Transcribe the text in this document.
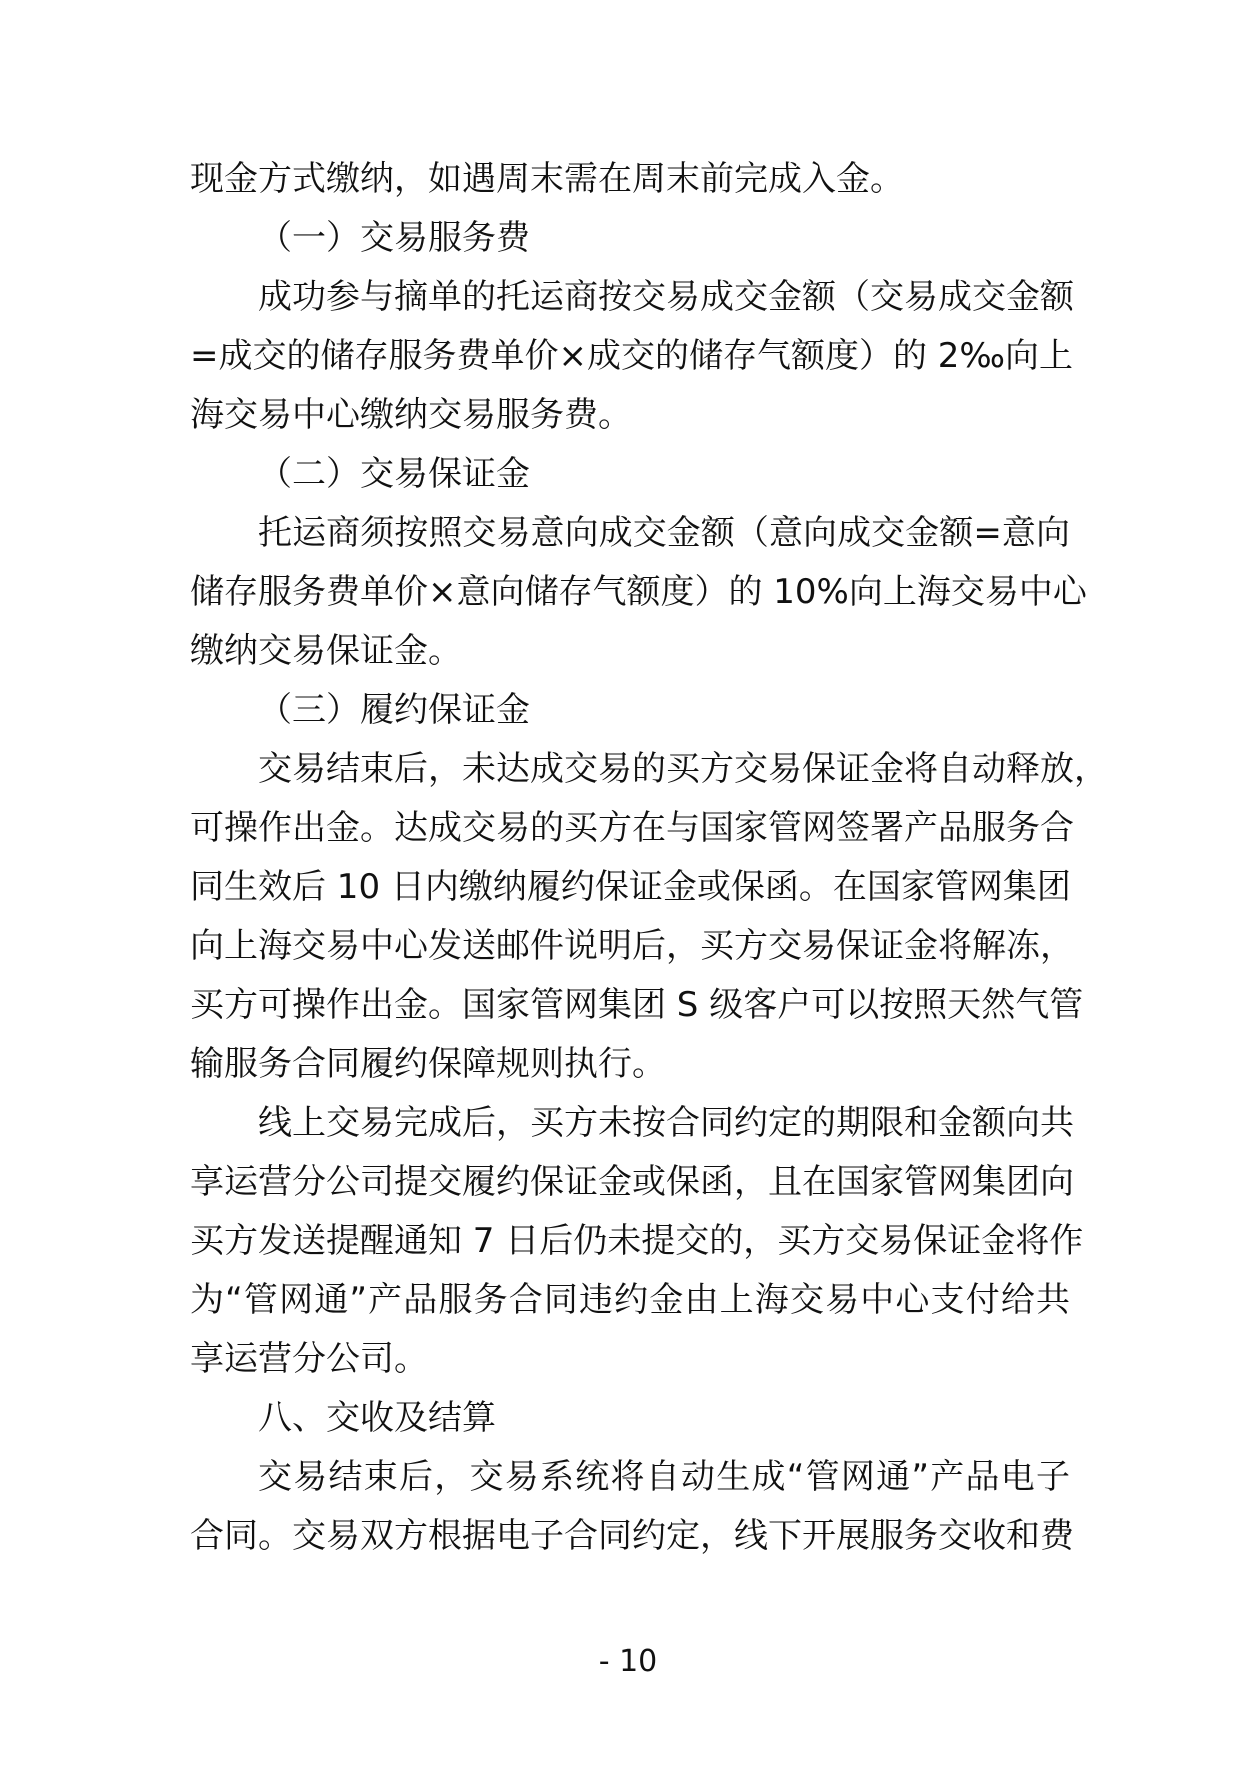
现金方式缴纳，如遇周末需在周末前完成入金。
（一）交易服务费
成功参与摘单的托运商按交易成交金额（交易成交金额
=成交的储存服务费单价×成交的储存气额度）的 2‰向上
海交易中心缴纳交易服务费。
（二）交易保证金
托运商须按照交易意向成交金额（意向成交金额=意向
储存服务费单价×意向储存气额度）的 10%向上海交易中心
缴纳交易保证金。
（三）履约保证金
交易结束后，未达成交易的买方交易保证金将自动释放，
可操作出金。达成交易的买方在与国家管网签署产品服务合
同生效后 10 日内缴纳履约保证金或保函。在国家管网集团
向上海交易中心发送邮件说明后，买方交易保证金将解冻，
买方可操作出金。国家管网集团 S 级客户可以按照天然气管
输服务合同履约保障规则执行。
线上交易完成后，买方未按合同约定的期限和金额向共
享运营分公司提交履约保证金或保函，且在国家管网集团向
买方发送提醒通知 7 日后仍未提交的，买方交易保证金将作
为“管网通”产品服务合同违约金由上海交易中心支付给共
享运营分公司。
八、交收及结算
交易结束后，交易系统将自动生成“管网通”产品电子
合同。交易双方根据电子合同约定，线下开展服务交收和费
- 10
